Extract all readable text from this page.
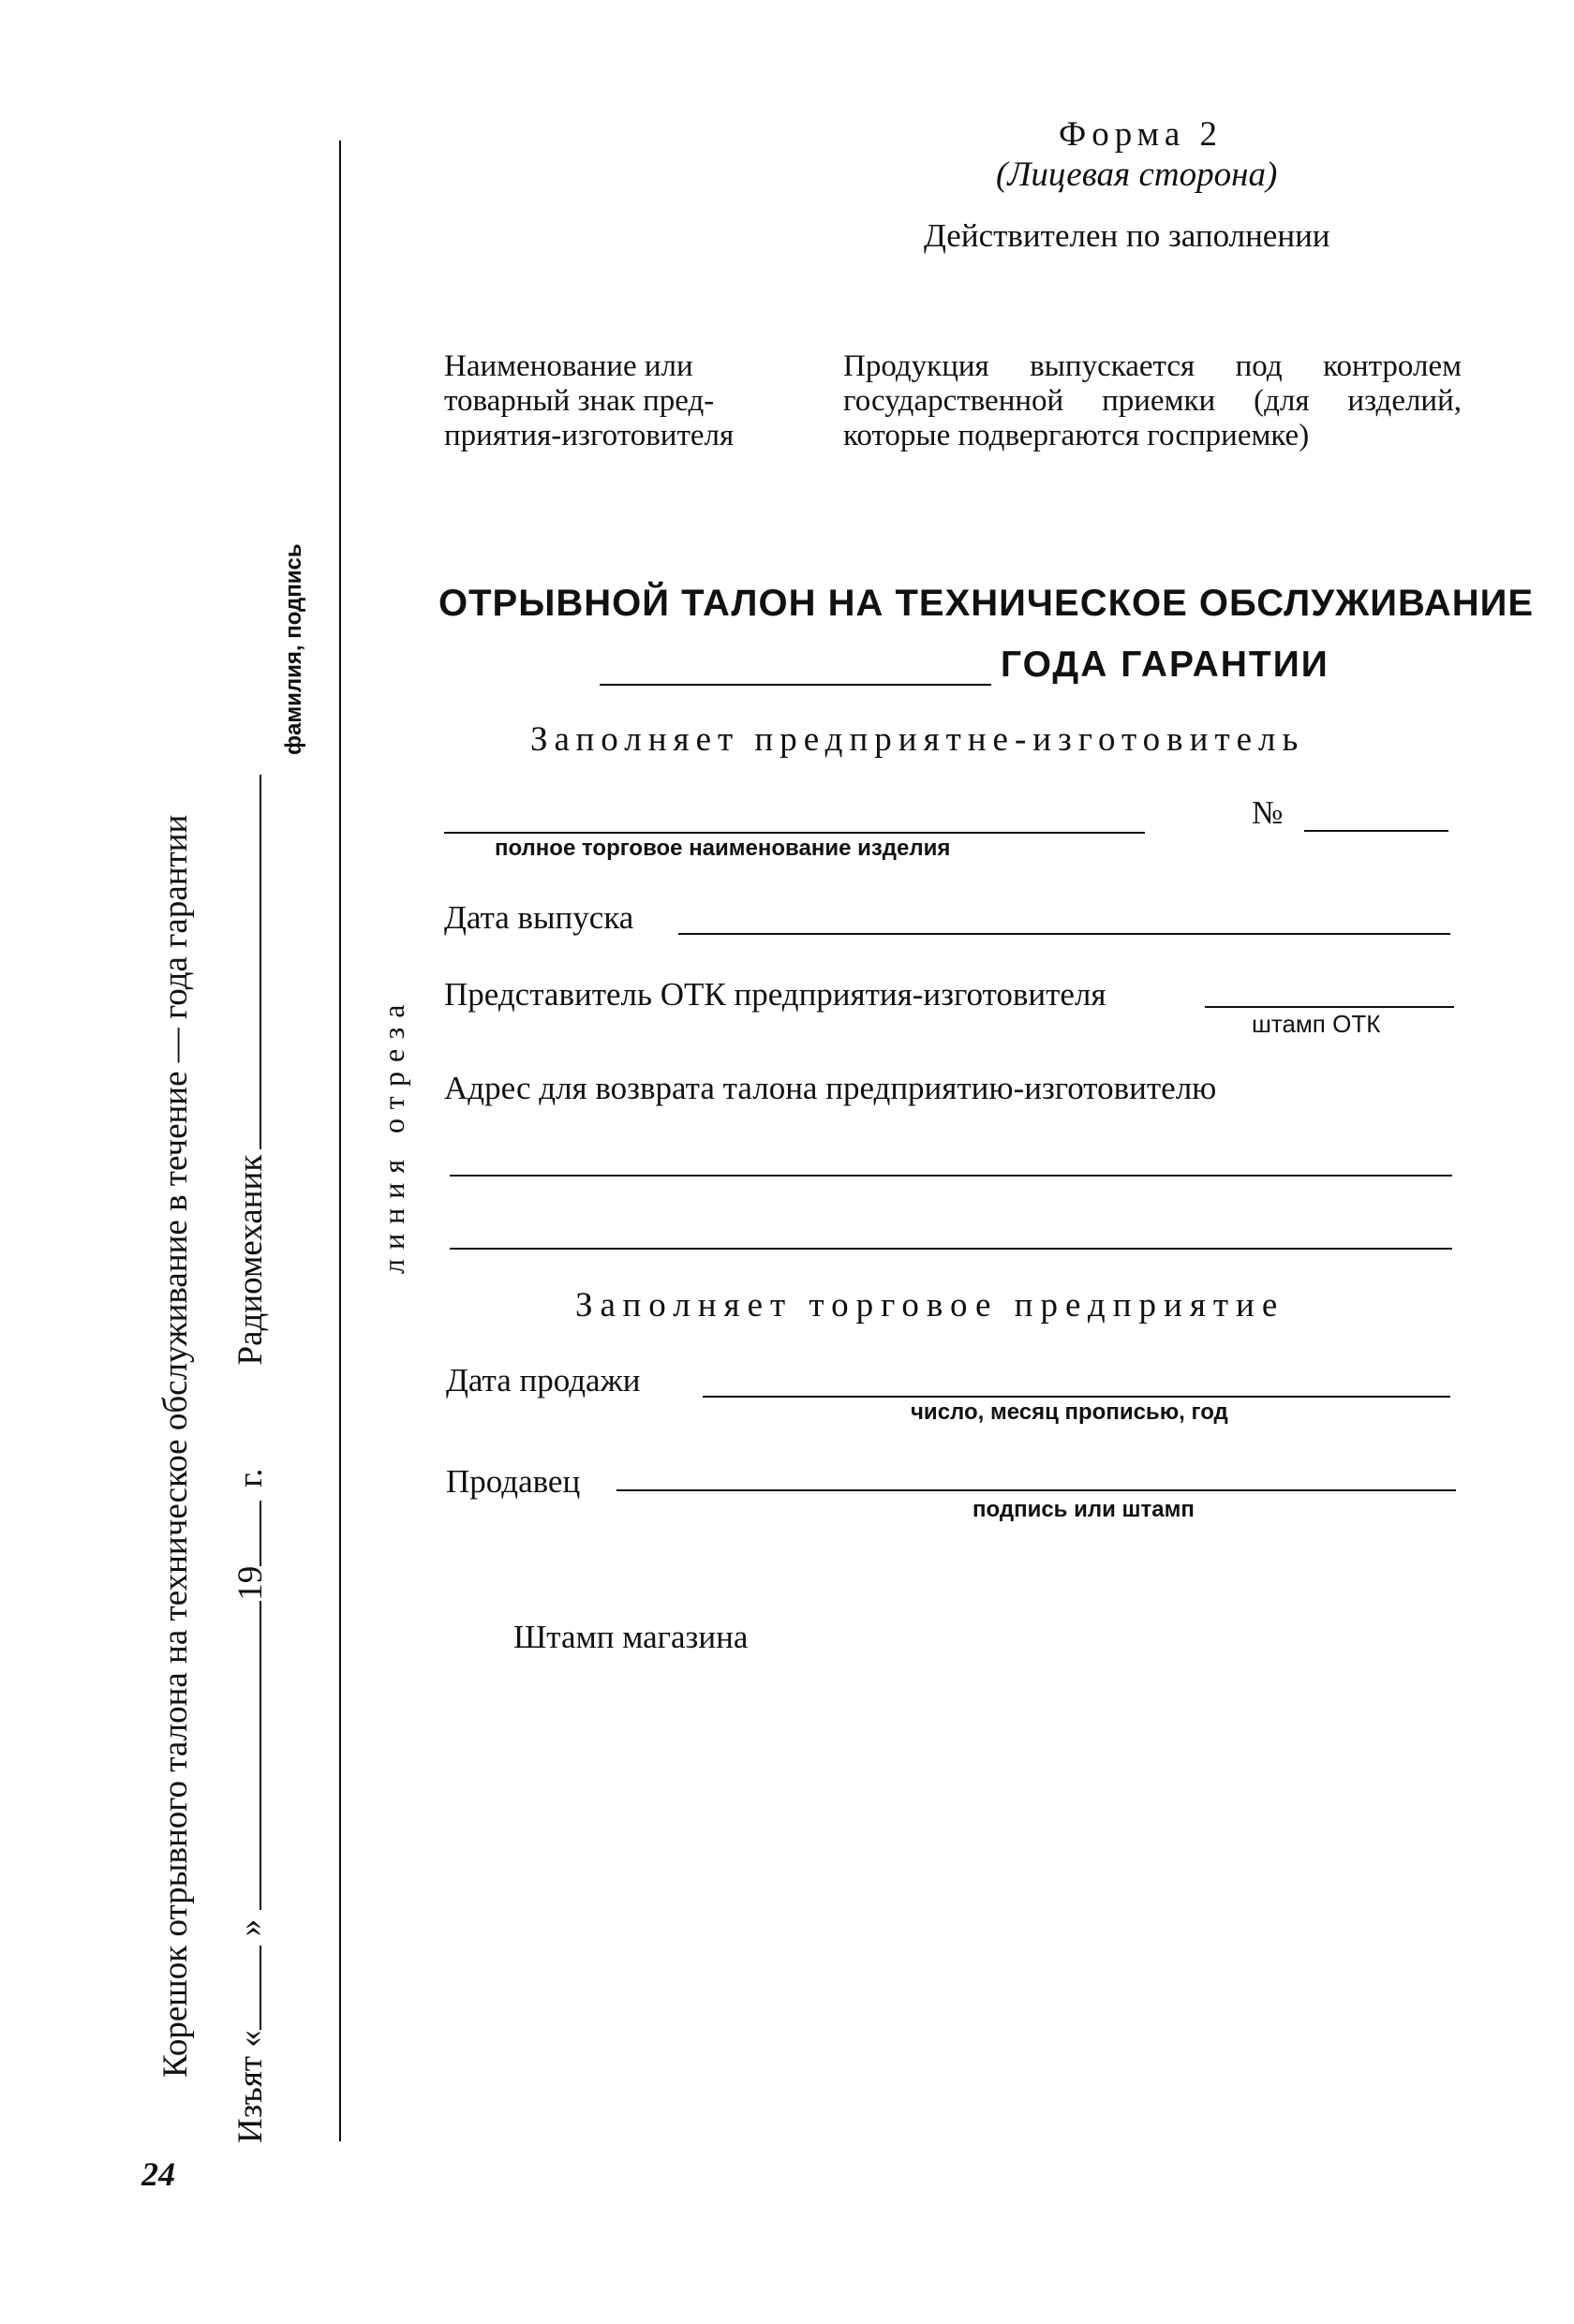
Форма 2
(Лицевая сторона)
Действителен по заполнении
Наименование или
товарный знак пред-
приятия-изготовителя
Продукция выпускается под контролем государственной приемки (для изделий, которые подвергаются госприемке)
ОТРЫВНОЙ ТАЛОН НА ТЕХНИЧЕСКОЕ ОБСЛУЖИВАНИЕ
ГОДА ГАРАНТИИ
Заполняет предприятне-изготовитель
№
полное торговое наименование изделия
Дата выпуска
Представитель ОТК предприятия-изготовителя
штамп ОТК
Адрес для возврата талона предприятию-изготовителю
Заполняет торговое предприятие
Дата продажи
число, месяц прописью, год
Продавец
подпись или штамп
Штамп магазина
линия отреза
Корешок отрывного талона на техническое обслуживание в течение — года гарантии
Изъят «»19г.Радиомеханик
фамилия, подпись
24
